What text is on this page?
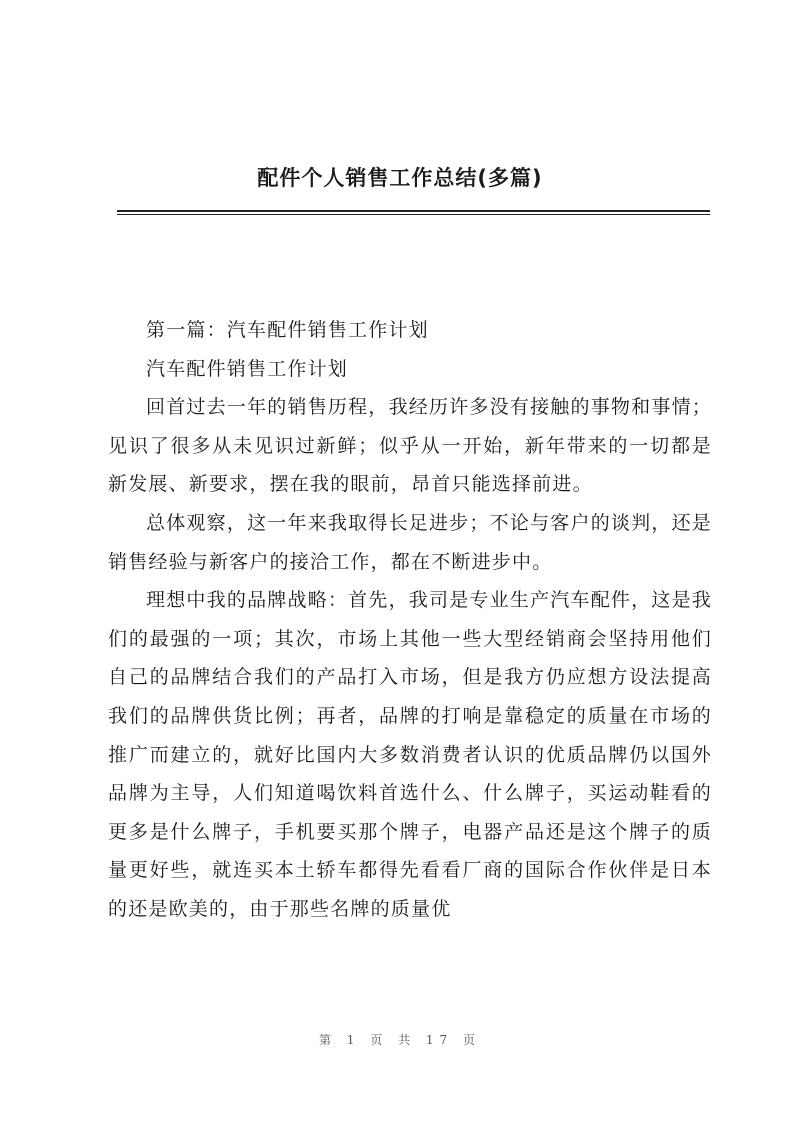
配件个人销售工作总结(多篇)

第一篇：汽车配件销售工作计划

汽车配件销售工作计划

回首过去一年的销售历程，我经历许多没有接触的事物和事情；见识了很多从未见识过新鲜；似乎从一开始，新年带来的一切都是新发展、新要求，摆在我的眼前，昂首只能选择前进。

总体观察，这一年来我取得长足进步；不论与客户的谈判，还是销售经验与新客户的接洽工作，都在不断进步中。

理想中我的品牌战略：首先，我司是专业生产汽车配件，这是我们的最强的一项；其次，市场上其他一些大型经销商会坚持用他们自己的品牌结合我们的产品打入市场，但是我方仍应想方设法提高我们的品牌供货比例；再者，品牌的打响是靠稳定的质量在市场的推广而建立的，就好比国内大多数消费者认识的优质品牌仍以国外品牌为主导，人们知道喝饮料首选什么、什么牌子，买运动鞋看的更多是什么牌子，手机要买那个牌子，电器产品还是这个牌子的质量更好些，就连买本土轿车都得先看看厂商的国际合作伙伴是日本的还是欧美的，由于那些名牌的质量优

第 1 页 共 17 页
